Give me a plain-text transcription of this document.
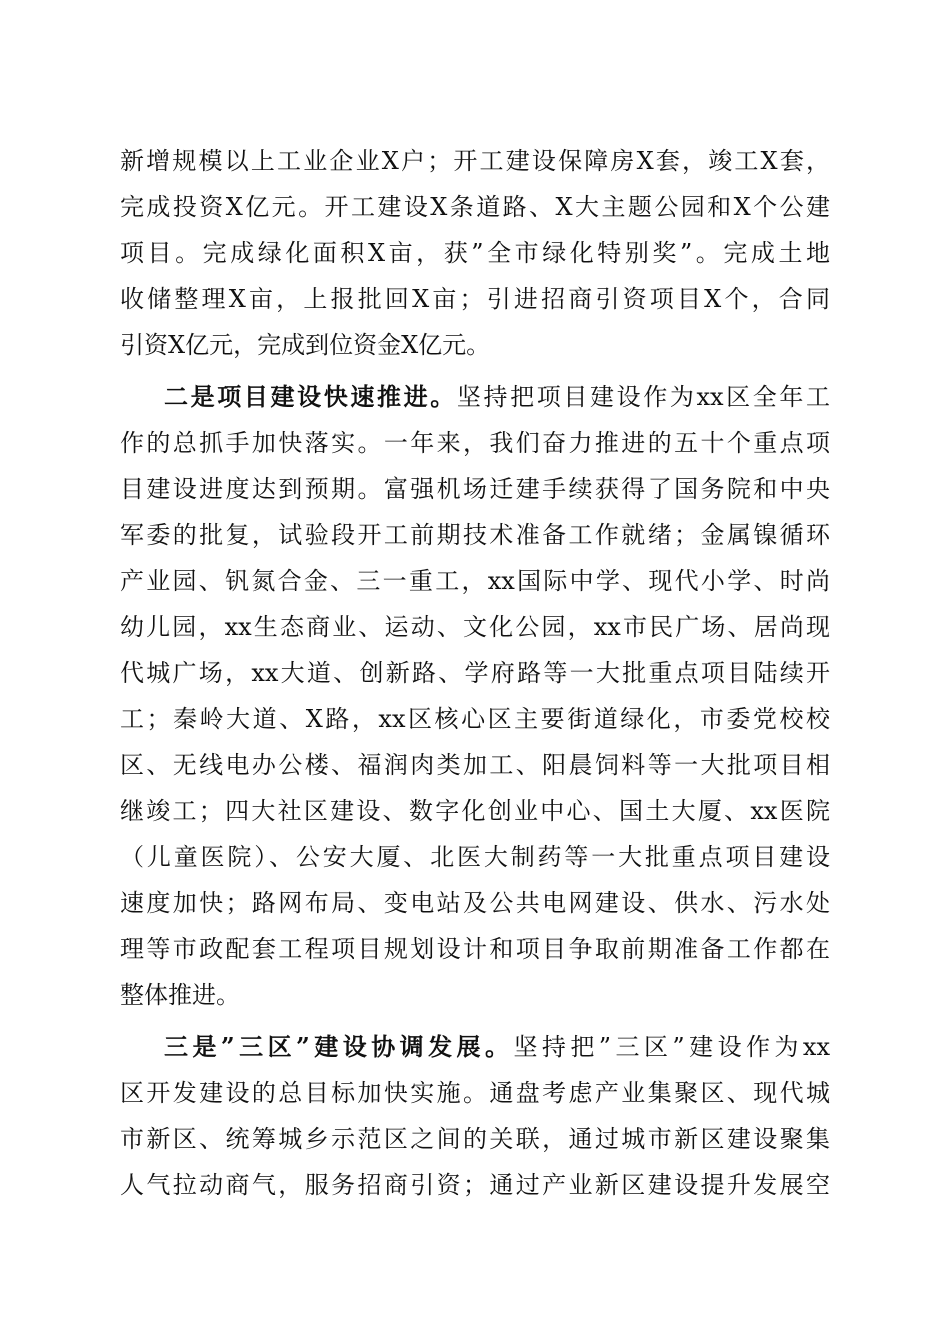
新增规模以上工业企业X户；开工建设保障房X套，竣工X套，
完成投资X亿元。开工建设X条道路、X大主题公园和X个公建
项目。完成绿化面积X亩，获”全市绿化特别奖”。完成土地
收储整理X亩，上报批回X亩；引进招商引资项目X个，合同
引资X亿元，完成到位资金X亿元。
二是项目建设快速推进。坚持把项目建设作为xx区全年工
作的总抓手加快落实。一年来，我们奋力推进的五十个重点项
目建设进度达到预期。富强机场迁建手续获得了国务院和中央
军委的批复，试验段开工前期技术准备工作就绪；金属镍循环
产业园、钒氮合金、三一重工，xx国际中学、现代小学、时尚
幼儿园，xx生态商业、运动、文化公园，xx市民广场、居尚现
代城广场，xx大道、创新路、学府路等一大批重点项目陆续开
工；秦岭大道、X路，xx区核心区主要街道绿化，市委党校校
区、无线电办公楼、福润肉类加工、阳晨饲料等一大批项目相
继竣工；四大社区建设、数字化创业中心、国土大厦、xx医院
（儿童医院）、公安大厦、北医大制药等一大批重点项目建设
速度加快；路网布局、变电站及公共电网建设、供水、污水处
理等市政配套工程项目规划设计和项目争取前期准备工作都在
整体推进。
三是”三区”建设协调发展。坚持把”三区”建设作为xx
区开发建设的总目标加快实施。通盘考虑产业集聚区、现代城
市新区、统筹城乡示范区之间的关联，通过城市新区建设聚集
人气拉动商气，服务招商引资；通过产业新区建设提升发展空
